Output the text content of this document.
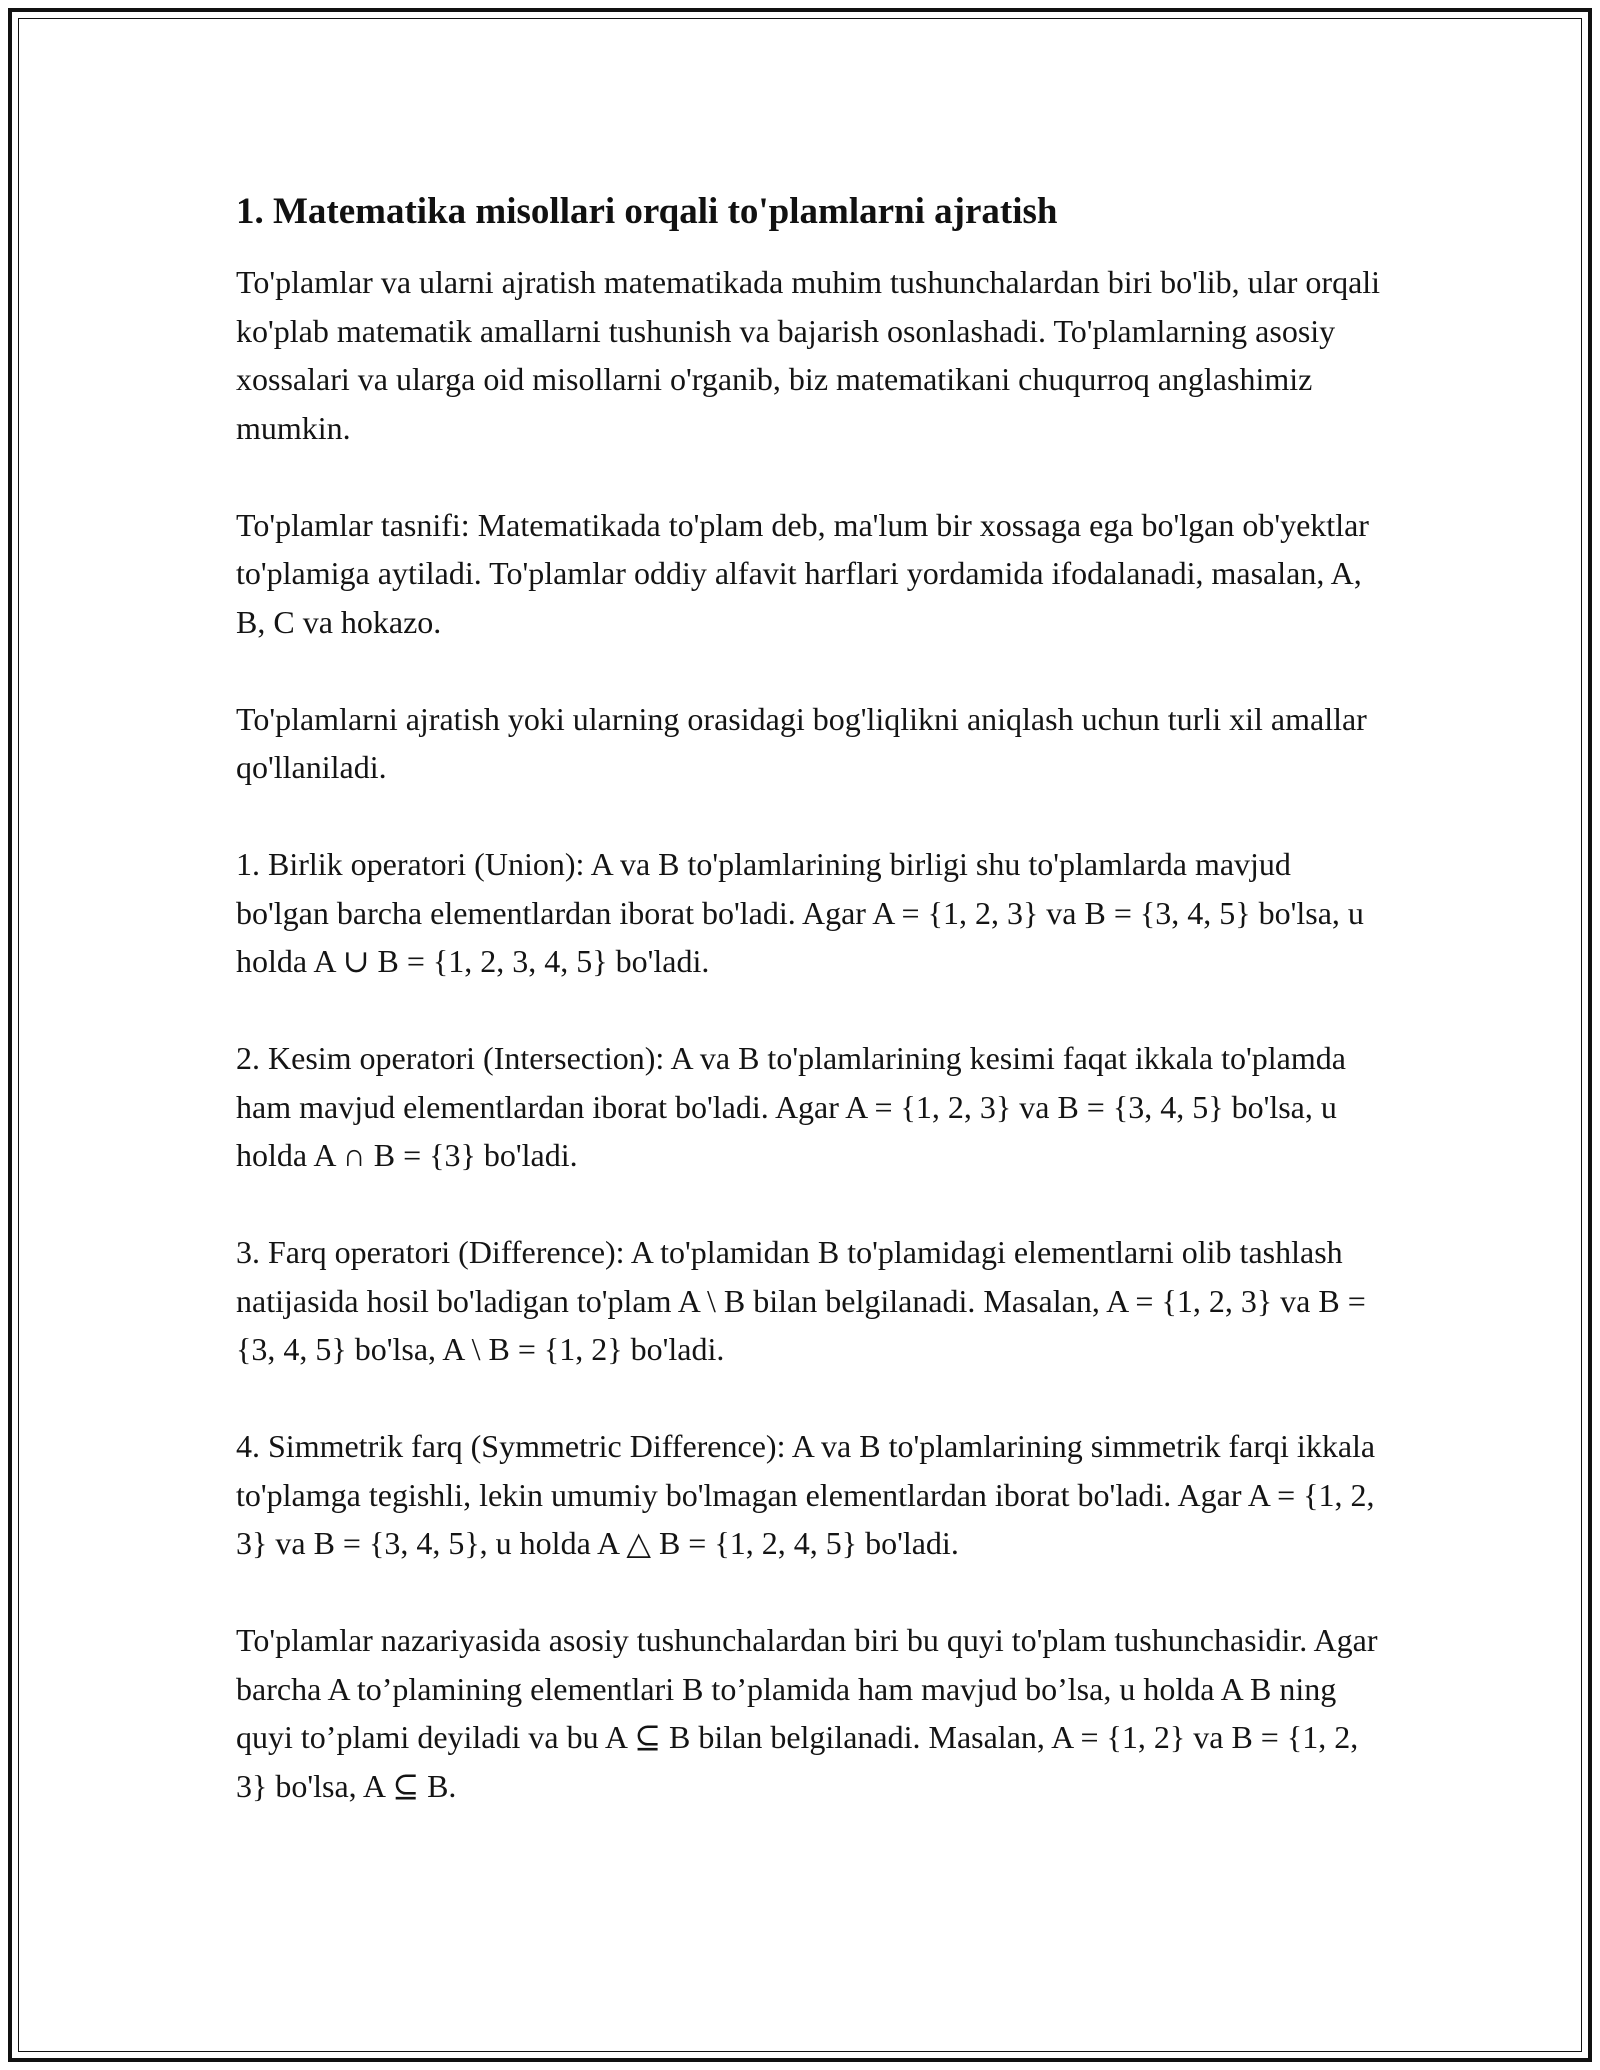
1. Matematika misollari orqali to'plamlarni ajratish

To'plamlar va ularni ajratish matematikada muhim tushunchalardan biri bo'lib, ular orqali ko'plab matematik amallarni tushunish va bajarish osonlashadi. To'plamlarning asosiy xossalari va ularga oid misollarni o'rganib, biz matematikani chuqurroq anglashimiz mumkin.

To'plamlar tasnifi: Matematikada to'plam deb, ma'lum bir xossaga ega bo'lgan ob'yektlar to'plamiga aytiladi. To'plamlar oddiy alfavit harflari yordamida ifodalanadi, masalan, A, B, C va hokazo.

To'plamlarni ajratish yoki ularning orasidagi bog'liqlikni aniqlash uchun turli xil amallar qo'llaniladi.

1. Birlik operatori (Union): A va B to'plamlarining birligi shu to'plamlarda mavjud bo'lgan barcha elementlardan iborat bo'ladi. Agar A = {1, 2, 3} va B = {3, 4, 5} bo'lsa, u holda A ∪ B = {1, 2, 3, 4, 5} bo'ladi.

2. Kesim operatori (Intersection): A va B to'plamlarining kesimi faqat ikkala to'plamda ham mavjud elementlardan iborat bo'ladi. Agar A = {1, 2, 3} va B = {3, 4, 5} bo'lsa, u holda A ∩ B = {3} bo'ladi.

3. Farq operatori (Difference): A to'plamidan B to'plamidagi elementlarni olib tashlash natijasida hosil bo'ladigan to'plam A \ B bilan belgilanadi. Masalan, A = {1, 2, 3} va B = {3, 4, 5} bo'lsa, A \ B = {1, 2} bo'ladi.

4. Simmetrik farq (Symmetric Difference): A va B to'plamlarining simmetrik farqi ikkala to'plamga tegishli, lekin umumiy bo'lmagan elementlardan iborat bo'ladi. Agar A = {1, 2, 3} va B = {3, 4, 5}, u holda A △ B = {1, 2, 4, 5} bo'ladi.

To'plamlar nazariyasida asosiy tushunchalardan biri bu quyi to'plam tushunchasidir. Agar barcha A to’plamining elementlari B to’plamida ham mavjud bo’lsa, u holda A B ning quyi to’plami deyiladi va bu A ⊆ B bilan belgilanadi. Masalan, A = {1, 2} va B = {1, 2, 3} bo'lsa, A ⊆ B.
